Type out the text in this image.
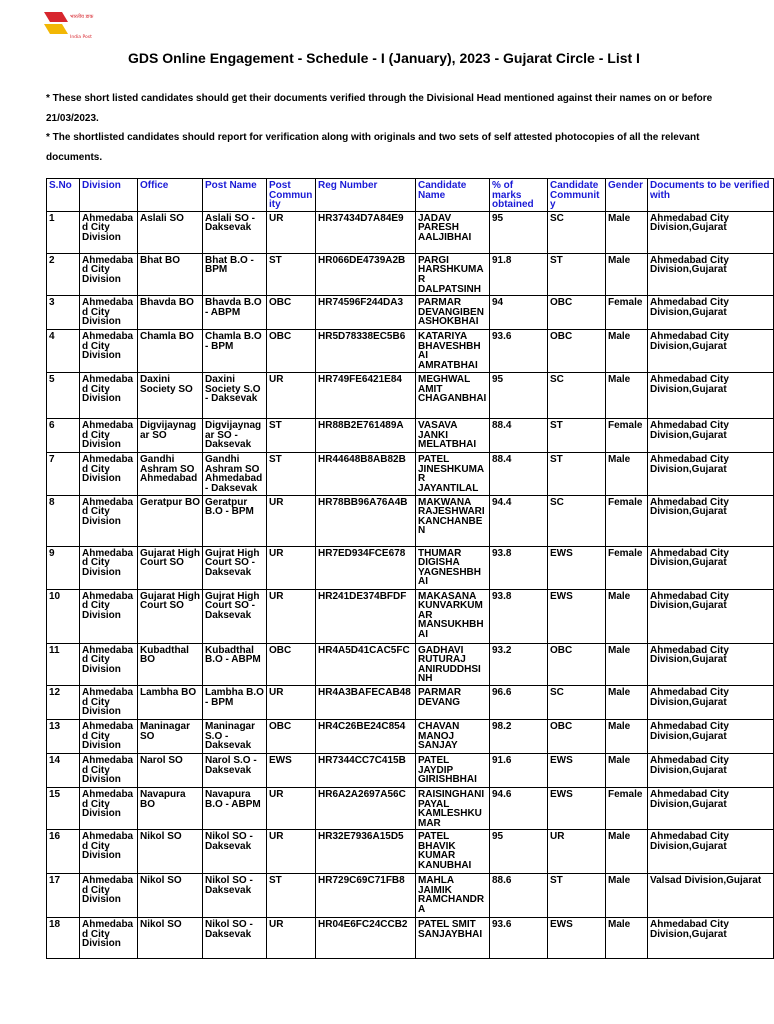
भारतीय डाक
India Post
GDS Online Engagement - Schedule - I (January), 2023 - Gujarat Circle - List I
* These short listed candidates should get their documents verified through the Divisional Head mentioned against their names on or before 21/03/2023.
* The shortlisted candidates should report for verification along with originals and two sets of self attested photocopies of all the relevant documents.
S.No	Division	Office	Post Name	Post Community	Reg Number	Candidate Name	% of marks obtained	Candidate Community	Gender	Documents to be verified with
1	Ahmedabad City Division	Aslali SO	Aslali SO - Daksevak	UR	HR37434D7A84E9	JADAV PARESH AALJIBHAI	95	SC	Male	Ahmedabad City Division,Gujarat
2	Ahmedabad City Division	Bhat BO	Bhat B.O - BPM	ST	HR066DE4739A2B	PARGI HARSHKUMAR DALPATSINH	91.8	ST	Male	Ahmedabad City Division,Gujarat
3	Ahmedabad City Division	Bhavda BO	Bhavda B.O - ABPM	OBC	HR74596F244DA3	PARMAR DEVANGIBEN ASHOKBHAI	94	OBC	Female	Ahmedabad City Division,Gujarat
4	Ahmedabad City Division	Chamla BO	Chamla B.O - BPM	OBC	HR5D78338EC5B6	KATARIYA BHAVESHBHAI AMRATBHAI	93.6	OBC	Male	Ahmedabad City Division,Gujarat
5	Ahmedabad City Division	Daxini Society SO	Daxini Society S.O - Daksevak	UR	HR749FE6421E84	MEGHWAL AMIT CHAGANBHAI	95	SC	Male	Ahmedabad City Division,Gujarat
6	Ahmedabad City Division	Digvijaynagar SO	Digvijaynagar SO - Daksevak	ST	HR88B2E761489A	VASAVA JANKI MELATBHAI	88.4	ST	Female	Ahmedabad City Division,Gujarat
7	Ahmedabad City Division	Gandhi Ashram SO Ahmedabad	Gandhi Ashram SO Ahmedabad - Daksevak	ST	HR44648B8AB82B	PATEL JINESHKUMAR JAYANTILAL	88.4	ST	Male	Ahmedabad City Division,Gujarat
8	Ahmedabad City Division	Geratpur BO	Geratpur B.O - BPM	UR	HR78BB96A76A4B	MAKWANA RAJESHWARI KANCHANBEN	94.4	SC	Female	Ahmedabad City Division,Gujarat
9	Ahmedabad City Division	Gujarat High Court SO	Gujrat High Court SO - Daksevak	UR	HR7ED934FCE678	THUMAR DIGISHA YAGNESHBHAI	93.8	EWS	Female	Ahmedabad City Division,Gujarat
10	Ahmedabad City Division	Gujarat High Court SO	Gujrat High Court SO - Daksevak	UR	HR241DE374BFDF	MAKASANA KUNVARKUMAR MANSUKHBHAI	93.8	EWS	Male	Ahmedabad City Division,Gujarat
11	Ahmedabad City Division	Kubadthal BO	Kubadthal B.O - ABPM	OBC	HR4A5D41CAC5FC	GADHAVI RUTURAJ ANIRUDDHSINH	93.2	OBC	Male	Ahmedabad City Division,Gujarat
12	Ahmedabad City Division	Lambha BO	Lambha B.O - BPM	UR	HR4A3BAFECAB48	PARMAR DEVANG	96.6	SC	Male	Ahmedabad City Division,Gujarat
13	Ahmedabad City Division	Maninagar SO	Maninagar S.O - Daksevak	OBC	HR4C26BE24C854	CHAVAN MANOJ SANJAY	98.2	OBC	Male	Ahmedabad City Division,Gujarat
14	Ahmedabad City Division	Narol SO	Narol S.O - Daksevak	EWS	HR7344CC7C415B	PATEL JAYDIP GIRISHBHAI	91.6	EWS	Male	Ahmedabad City Division,Gujarat
15	Ahmedabad City Division	Navapura BO	Navapura B.O - ABPM	UR	HR6A2A2697A56C	RAISINGHANI PAYAL KAMLESHKUMAR	94.6	EWS	Female	Ahmedabad City Division,Gujarat
16	Ahmedabad City Division	Nikol SO	Nikol SO - Daksevak	UR	HR32E7936A15D5	PATEL BHAVIK KUMAR KANUBHAI	95	UR	Male	Ahmedabad City Division,Gujarat
17	Ahmedabad City Division	Nikol SO	Nikol SO - Daksevak	ST	HR729C69C71FB8	MAHLA JAIMIK RAMCHANDRA	88.6	ST	Male	Valsad Division,Gujarat
18	Ahmedabad City Division	Nikol SO	Nikol SO - Daksevak	UR	HR04E6FC24CCB2	PATEL SMIT SANJAYBHAI	93.6	EWS	Male	Ahmedabad City Division,Gujarat
